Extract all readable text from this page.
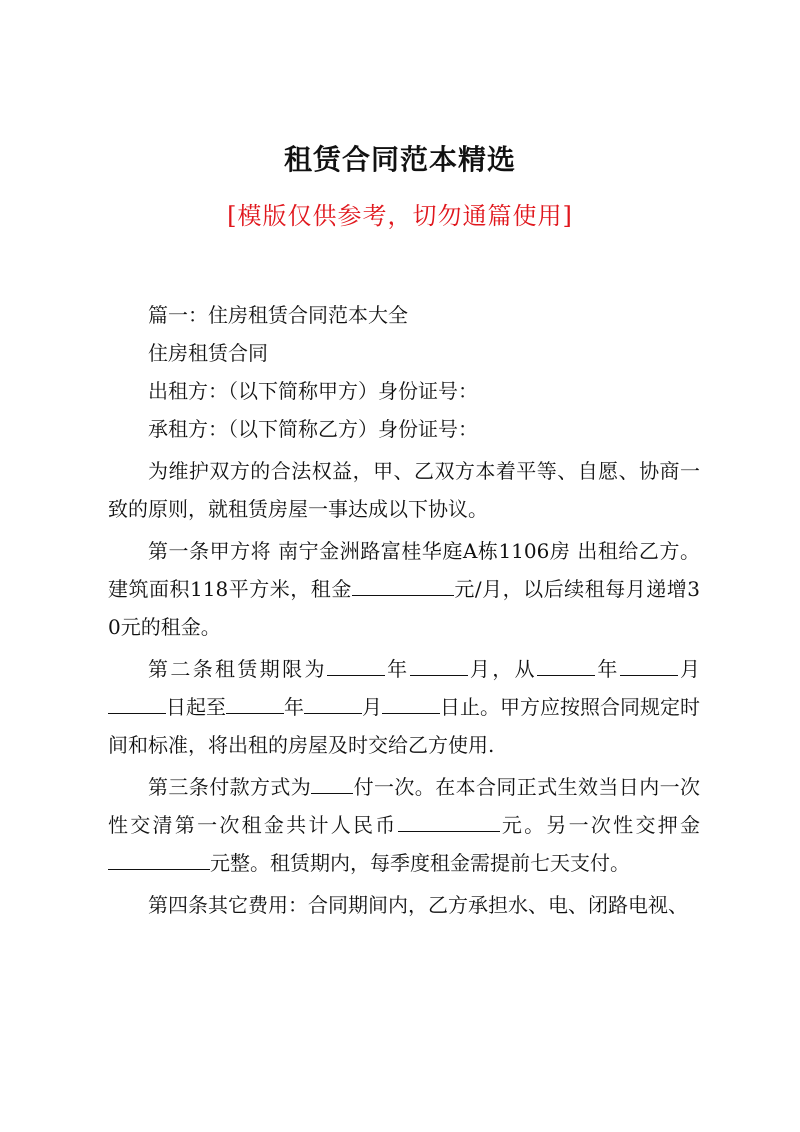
租赁合同范本精选

[模版仅供参考，切勿通篇使用]

篇一：住房租赁合同范本大全

住房租赁合同

出租方：（以下简称甲方）身份证号：

承租方：（以下简称乙方）身份证号：

为维护双方的合法权益，甲、乙双方本着平等、自愿、协商一致的原则，就租赁房屋一事达成以下协议。

第一条甲方将 南宁金洲路富桂华庭A栋1106房 出租给乙方。建筑面积118平方米，租金	元/月，以后续租每月递增30元的租金。

第二条租赁期限为	年	月，从	年	月日起至	年	月	日止。甲方应按照合同规定时间和标准，将出租的房屋及时交给乙方使用.

第三条付款方式为 付一次。在本合同正式生效当日内一次性交清第一次租金共计人民币	元。另一次性交押金元整。租赁期内，每季度租金需提前七天支付。

第四条其它费用：合同期间内，乙方承担水、电、闭路电视、
